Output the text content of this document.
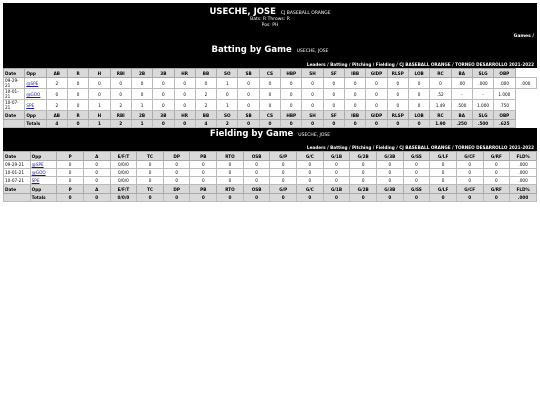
USECHE, JOSE CJ BASEBALL ORANGE
Bats: R Throws: R
Pos: PH
Games /
Batting by Game USECHE, JOSE
Leaders / Batting / Pitching / Fielding / CJ BASEBALL ORANGE / TORNEO DESARROLLO 2021-2022
Date	Opp	AB	R	H	RBI	2B	3B	HR	BB	SO	SB	CS	HBP	SH	SF	IBB	GIDP	RLSP	LOB	RC	BA	SLG	OBP	
09-29-21	@SPE	2	0	0	0	0	0	0	0	1	0	0	0	0	0	0	0	0	0	0	.00	.000	.000	.000
10-01-21	@GOO	0	0	0	0	0	0	0	2	0	0	0	0	0	0	0	0	0	0	.52	-	-	1.000	
10-07-21	SPE	2	0	1	2	1	0	0	2	1	0	0	0	0	0	0	0	0	0	1.49	.500	1.000	.750	
Date	Opp	AB	R	H	RBI	2B	3B	HR	BB	SO	SB	CS	HBP	SH	SF	IBB	GIDP	RLSP	LOB	RC	BA	SLG	OBP	
	Totals	4	0	1	2	1	0	0	4	2	0	0	0	0	0	0	0	0	0	1.90	.250	.500	.625	
Fielding by Game USECHE, JOSE
Leaders / Batting / Pitching / Fielding / CJ BASEBALL ORANGE / TORNEO DESARROLLO 2021-2022
Date	Opp	P	A	E/F/T	TC	DP	PB	RTO	OSB	G/P	G/C	G/1B	G/2B	G/3B	G/SS	G/LF	G/CF	G/RF	FLD%
09-29-21	@SPE	0	0	0/0/0	0	0	0	0	0	0	0	0	0	0	0	0	0	0	.000
10-01-21	@GOO	0	0	0/0/0	0	0	0	0	0	0	0	0	0	0	0	0	0	0	.000
10-07-21	SPE	0	0	0/0/0	0	0	0	0	0	0	0	0	0	0	0	0	0	0	.000
Date	Opp	P	A	E/F/T	TC	DP	PB	RTO	OSB	G/P	G/C	G/1B	G/2B	G/3B	G/SS	G/LF	G/CF	G/RF	FLD%
	Totals	0	0	0/0/0	0	0	0	0	0	0	0	0	0	0	0	0	0	0	.000
